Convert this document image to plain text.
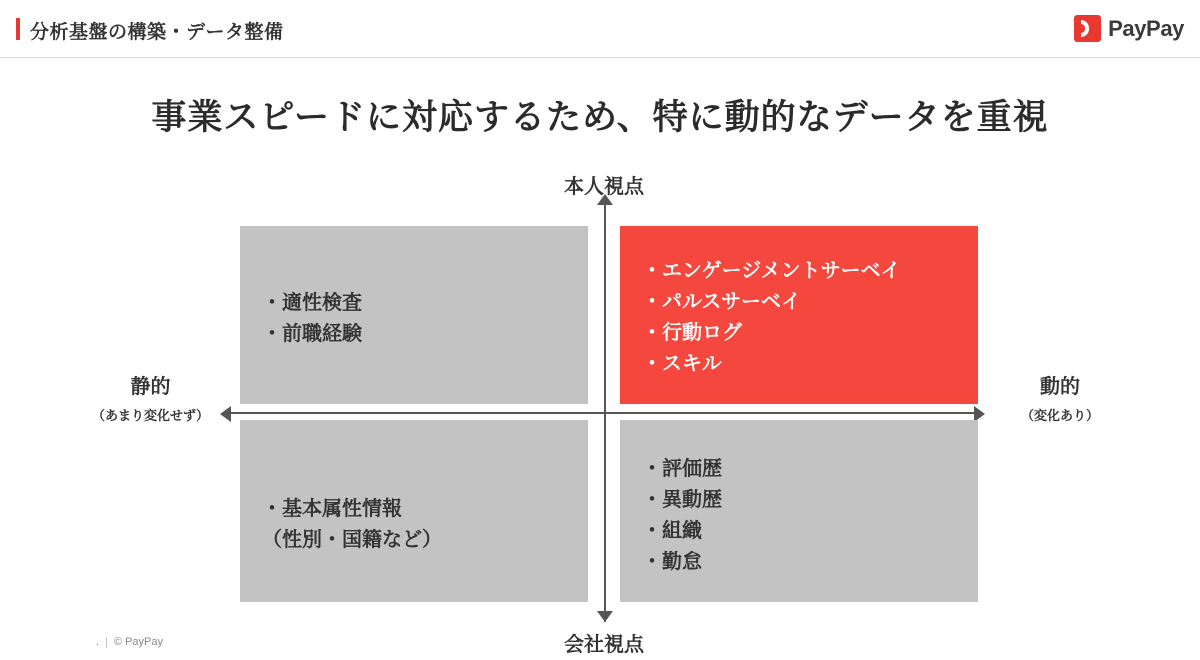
分析基盤の構築・データ整備	PayPay
事業スピードに対応するため、特に動的なデータを重視
本人視点
会社視点
静的
（あまり変化せず）
動的
（変化あり）
・適性検査
・前職経験
・エンゲージメントサーベイ
・パルスサーベイ
・行動ログ
・スキル
・基本属性情報
（性別・国籍など）
・評価歴
・異動歴
・組織
・勤怠
. | © PayPay
